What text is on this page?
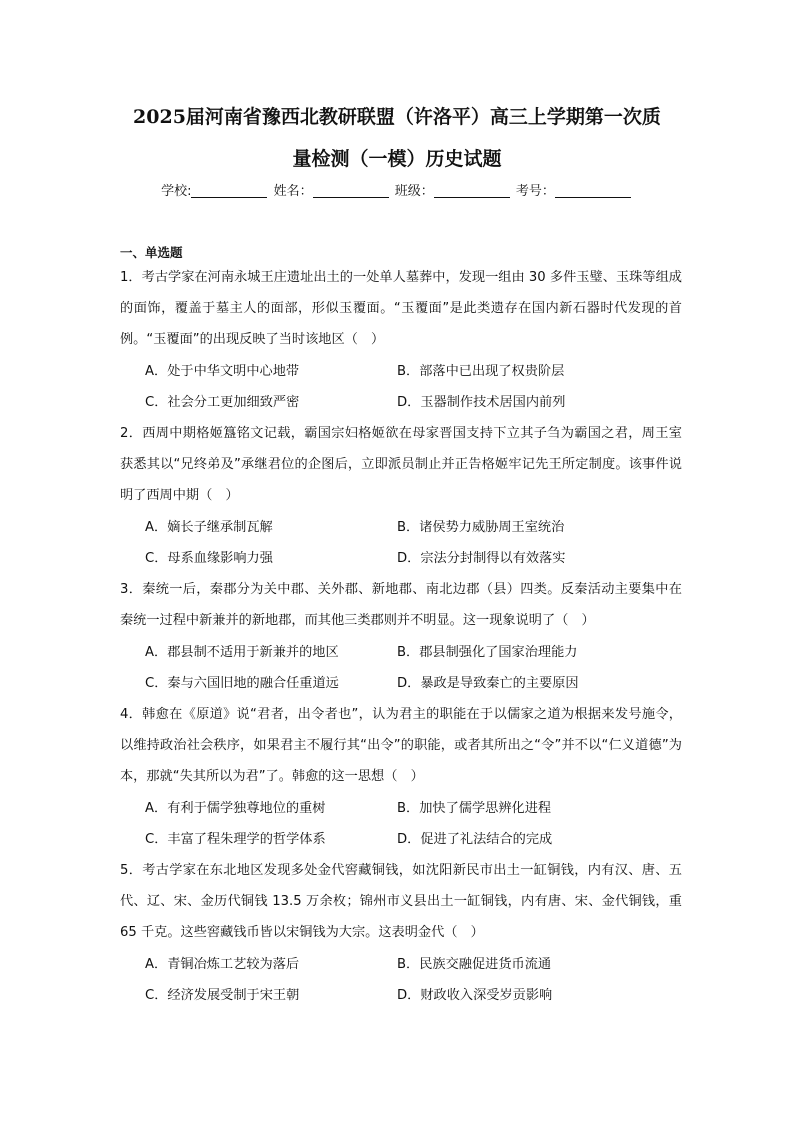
2025届河南省豫西北教研联盟（许洛平）高三上学期第一次质
量检测（一模）历史试题
学校:	姓名：	班级：	考号：
一、单选题
1．考古学家在河南永城王庄遗址出土的一处单人墓葬中，发现一组由 30 多件玉璧、玉珠等组成的面饰，覆盖于墓主人的面部，形似玉覆面。“玉覆面”是此类遗存在国内新石器时代发现的首例。“玉覆面”的出现反映了当时该地区（　）
A．处于中华文明中心地带	B．部落中已出现了权贵阶层
C．社会分工更加细致严密	D．玉器制作技术居国内前列
2．西周中期格姬簋铭文记载，霸国宗妇格姬欲在母家晋国支持下立其子刍为霸国之君，周王室获悉其以“兄终弟及”承继君位的企图后，立即派员制止并正告格姬牢记先王所定制度。该事件说明了西周中期（　）
A．嫡长子继承制瓦解	B．诸侯势力威胁周王室统治
C．母系血缘影响力强	D．宗法分封制得以有效落实
3．秦统一后，秦郡分为关中郡、关外郡、新地郡、南北边郡（县）四类。反秦活动主要集中在秦统一过程中新兼并的新地郡，而其他三类郡则并不明显。这一现象说明了（　）
A．郡县制不适用于新兼并的地区	B．郡县制强化了国家治理能力
C．秦与六国旧地的融合任重道远	D．暴政是导致秦亡的主要原因
4．韩愈在《原道》说“君者，出令者也”，认为君主的职能在于以儒家之道为根据来发号施令，以维持政治社会秩序，如果君主不履行其“出令”的职能，或者其所出之“令”并不以“仁义道德”为本，那就“失其所以为君”了。韩愈的这一思想（　）
A．有利于儒学独尊地位的重树	B．加快了儒学思辨化进程
C．丰富了程朱理学的哲学体系	D．促进了礼法结合的完成
5．考古学家在东北地区发现多处金代窖藏铜钱，如沈阳新民市出土一缸铜钱，内有汉、唐、五代、辽、宋、金历代铜钱 13.5 万余枚；锦州市义县出土一缸铜钱，内有唐、宋、金代铜钱，重 65 千克。这些窖藏钱币皆以宋铜钱为大宗。这表明金代（　）
A．青铜冶炼工艺较为落后	B．民族交融促进货币流通
C．经济发展受制于宋王朝	D．财政收入深受岁贡影响
